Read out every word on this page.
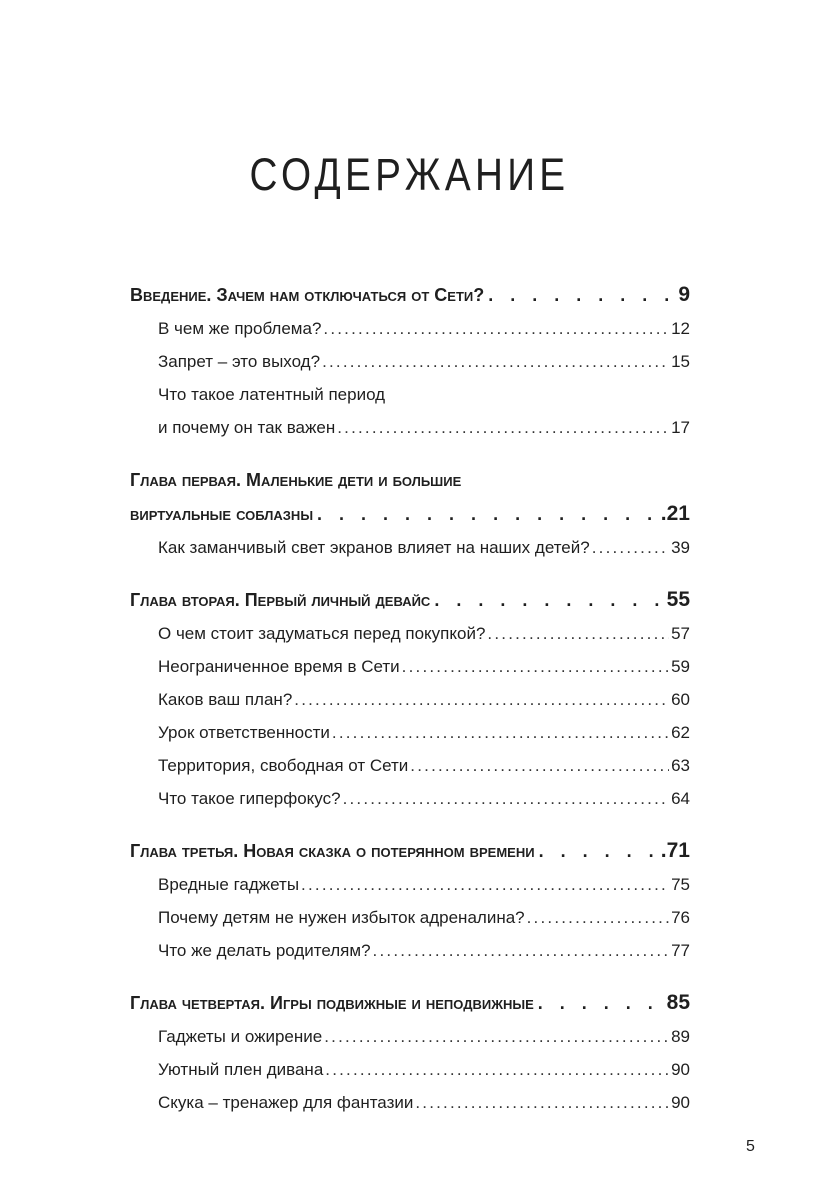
СОДЕРЖАНИЕ
Введение. Зачем нам отключаться от Сети? . . .	9
В чем же проблема? .....	12
Запрет – это выход? .....	15
Что такое латентный период
и почему он так важен .....	17
Глава первая. Маленькие дети и большие
виртуальные соблазны . . .	.21
Как заманчивый свет экранов влияет на наших детей? .....	39
Глава вторая. Первый личный девайс . . .	55
О чем стоит задуматься перед покупкой? .....	57
Неограниченное время в Сети .....	59
Каков ваш план? .....	60
Урок ответственности .....	62
Территория, свободная от Сети .....	63
Что такое гиперфокус? .....	64
Глава третья. Новая сказка о потерянном времени . . .	.71
Вредные гаджеты .....	75
Почему детям не нужен избыток адреналина? .....	76
Что же делать родителям? .....	77
Глава четвертая. Игры подвижные и неподвижные . . .	85
Гаджеты и ожирение .....	89
Уютный плен дивана .....	90
Скука – тренажер для фантазии .....	90
5
